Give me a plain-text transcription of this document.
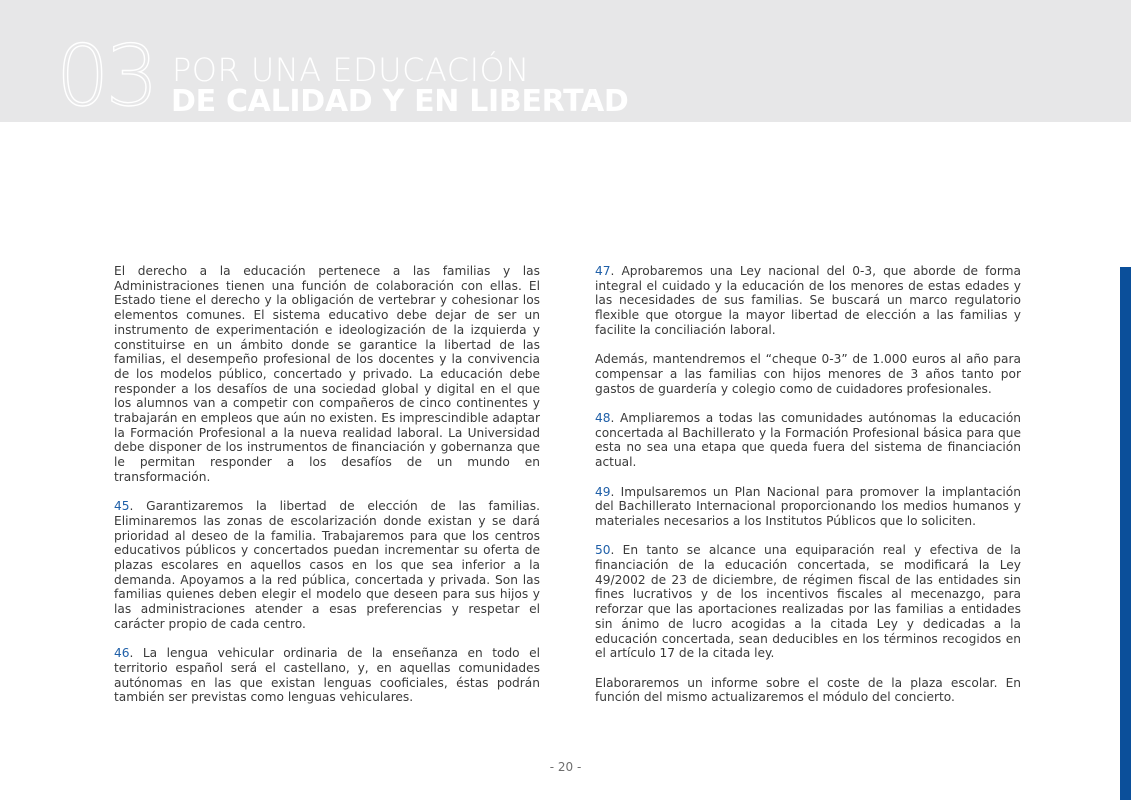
03 POR UNA EDUCACIÓN
DE CALIDAD Y EN LIBERTAD

El derecho a la educación pertenece a las familias y las Administraciones tienen una función de colaboración con ellas. El Estado tiene el derecho y la obligación de vertebrar y cohesionar los elementos comunes. El sistema educativo debe dejar de ser un instrumento de experimentación e ideologización de la izquierda y constituirse en un ámbito donde se garantice la libertad de las familias, el desempeño profesional de los docentes y la convivencia de los modelos público, concertado y privado. La educación debe responder a los desafíos de una sociedad global y digital en el que los alumnos van a competir con compañeros de cinco continentes y trabajarán en empleos que aún no existen. Es imprescindible adaptar la Formación Profesional a la nueva realidad laboral. La Universidad debe disponer de los instrumentos de financiación y gobernanza que le permitan responder a los desafíos de un mundo en transformación.

45. Garantizaremos la libertad de elección de las familias. Eliminaremos las zonas de escolarización donde existan y se dará prioridad al deseo de la familia. Trabajaremos para que los centros educativos públicos y concertados puedan incrementar su oferta de plazas escolares en aquellos casos en los que sea inferior a la demanda. Apoyamos a la red pública, concertada y privada. Son las familias quienes deben elegir el modelo que deseen para sus hijos y las administraciones atender a esas preferencias y respetar el carácter propio de cada centro.

46. La lengua vehicular ordinaria de la enseñanza en todo el territorio español será el castellano, y, en aquellas comunidades autónomas en las que existan lenguas cooficiales, éstas podrán también ser previstas como lenguas vehiculares.

47. Aprobaremos una Ley nacional del 0-3, que aborde de forma integral el cuidado y la educación de los menores de estas edades y las necesidades de sus familias. Se buscará un marco regulatorio flexible que otorgue la mayor libertad de elección a las familias y facilite la conciliación laboral.

Además, mantendremos el “cheque 0-3” de 1.000 euros al año para compensar a las familias con hijos menores de 3 años tanto por gastos de guardería y colegio como de cuidadores profesionales.

48. Ampliaremos a todas las comunidades autónomas la educación concertada al Bachillerato y la Formación Profesional básica para que esta no sea una etapa que queda fuera del sistema de financiación actual.

49. Impulsaremos un Plan Nacional para promover la implantación del Bachillerato Internacional proporcionando los medios humanos y materiales necesarios a los Institutos Públicos que lo soliciten.

50. En tanto se alcance una equiparación real y efectiva de la financiación de la educación concertada, se modificará la Ley 49/2002 de 23 de diciembre, de régimen fiscal de las entidades sin fines lucrativos y de los incentivos fiscales al mecenazgo, para reforzar que las aportaciones realizadas por las familias a entidades sin ánimo de lucro acogidas a la citada Ley y dedicadas a la educación concertada, sean deducibles en los términos recogidos en el artículo 17 de la citada ley.

Elaboraremos un informe sobre el coste de la plaza escolar. En función del mismo actualizaremos el módulo del concierto.

- 20 -
